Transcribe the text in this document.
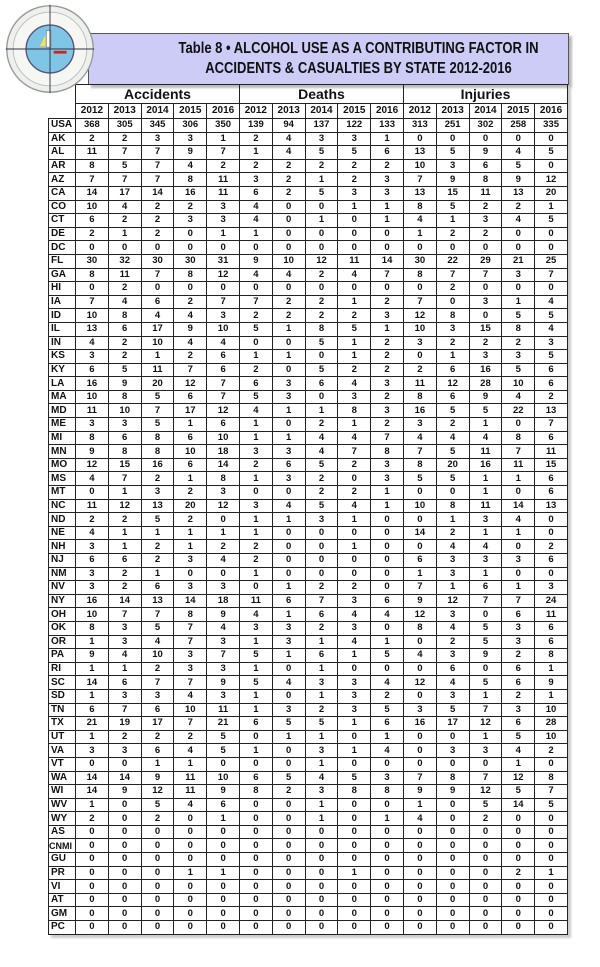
Table 8 • ALCOHOL USE AS A CONTRIBUTING FACTOR IN
ACCIDENTS & CASUALTIES BY STATE 2012-2016
	Accidents					Deaths					Injuries				
	2012	2013	2014	2015	2016	2012	2013	2014	2015	2016	2012	2013	2014	2015	2016
USA	368	305	345	306	350	139	94	137	122	133	313	251	302	258	335
AK	2	2	3	3	1	2	4	3	3	1	0	0	0	0	0
AL	11	7	7	9	7	1	4	5	5	6	13	5	9	4	5
AR	8	5	7	4	2	2	2	2	2	2	10	3	6	5	0
AZ	7	7	7	8	11	3	2	1	2	3	7	9	8	9	12
CA	14	17	14	16	11	6	2	5	3	3	13	15	11	13	20
CO	10	4	2	2	3	4	0	0	1	1	8	5	2	2	1
CT	6	2	2	3	3	4	0	1	0	1	4	1	3	4	5
DE	2	1	2	0	1	1	0	0	0	0	1	2	2	0	0
DC	0	0	0	0	0	0	0	0	0	0	0	0	0	0	0
FL	30	32	30	30	31	9	10	12	11	14	30	22	29	21	25
GA	8	11	7	8	12	4	4	2	4	7	8	7	7	3	7
HI	0	2	0	0	0	0	0	0	0	0	0	2	0	0	0
IA	7	4	6	2	7	7	2	2	1	2	7	0	3	1	4
ID	10	8	4	4	3	2	2	2	2	3	12	8	0	5	5
IL	13	6	17	9	10	5	1	8	5	1	10	3	15	8	4
IN	4	2	10	4	4	0	0	5	1	2	3	2	2	2	3
KS	3	2	1	2	6	1	1	0	1	2	0	1	3	3	5
KY	6	5	11	7	6	2	0	5	2	2	2	6	16	5	6
LA	16	9	20	12	7	6	3	6	4	3	11	12	28	10	6
MA	10	8	5	6	7	5	3	0	3	2	8	6	9	4	2
MD	11	10	7	17	12	4	1	1	8	3	16	5	5	22	13
ME	3	3	5	1	6	1	0	2	1	2	3	2	1	0	7
MI	8	6	8	6	10	1	1	4	4	7	4	4	4	8	6
MN	9	8	8	10	18	3	3	4	7	8	7	5	11	7	11
MO	12	15	16	6	14	2	6	5	2	3	8	20	16	11	15
MS	4	7	2	1	8	1	3	2	0	3	5	5	1	1	6
MT	0	1	3	2	3	0	0	2	2	1	0	0	1	0	6
NC	11	12	13	20	12	3	4	5	4	1	10	8	11	14	13
ND	2	2	5	2	0	1	1	3	1	0	0	1	3	4	0
NE	4	1	1	1	1	1	0	0	0	0	14	2	1	1	0
NH	3	1	2	1	2	2	0	0	1	0	0	4	4	0	2
NJ	6	6	2	3	4	2	0	0	0	0	6	3	3	3	6
NM	3	2	1	0	0	1	0	0	0	0	1	3	1	0	0
NV	3	2	6	3	3	0	1	2	2	0	7	1	6	1	3
NY	16	14	13	14	18	11	6	7	3	6	9	12	7	7	24
OH	10	7	7	8	9	4	1	6	4	4	12	3	0	6	11
OK	8	3	5	7	4	3	3	2	3	0	8	4	5	3	6
OR	1	3	4	7	3	1	3	1	4	1	0	2	5	3	6
PA	9	4	10	3	7	5	1	6	1	5	4	3	9	2	8
RI	1	1	2	3	3	1	0	1	0	0	0	6	0	6	1
SC	14	6	7	7	9	5	4	3	3	4	12	4	5	6	9
SD	1	3	3	4	3	1	0	1	3	2	0	3	1	2	1
TN	6	7	6	10	11	1	3	2	3	5	3	5	7	3	10
TX	21	19	17	7	21	6	5	5	1	6	16	17	12	6	28
UT	1	2	2	2	5	0	1	1	0	1	0	0	1	5	10
VA	3	3	6	4	5	1	0	3	1	4	0	3	3	4	2
VT	0	0	1	1	0	0	0	1	0	0	0	0	0	1	0
WA	14	14	9	11	10	6	5	4	5	3	7	8	7	12	8
WI	14	9	12	11	9	8	2	3	8	8	9	9	12	5	7
WV	1	0	5	4	6	0	0	1	0	0	1	0	5	14	5
WY	2	0	2	0	1	0	0	1	0	1	4	0	2	0	0
AS	0	0	0	0	0	0	0	0	0	0	0	0	0	0	0
CNMI	0	0	0	0	0	0	0	0	0	0	0	0	0	0	0
GU	0	0	0	0	0	0	0	0	0	0	0	0	0	0	0
PR	0	0	0	1	1	0	0	0	1	0	0	0	0	2	1
VI	0	0	0	0	0	0	0	0	0	0	0	0	0	0	0
AT	0	0	0	0	0	0	0	0	0	0	0	0	0	0	0
GM	0	0	0	0	0	0	0	0	0	0	0	0	0	0	0
PC	0	0	0	0	0	0	0	0	0	0	0	0	0	0	0
